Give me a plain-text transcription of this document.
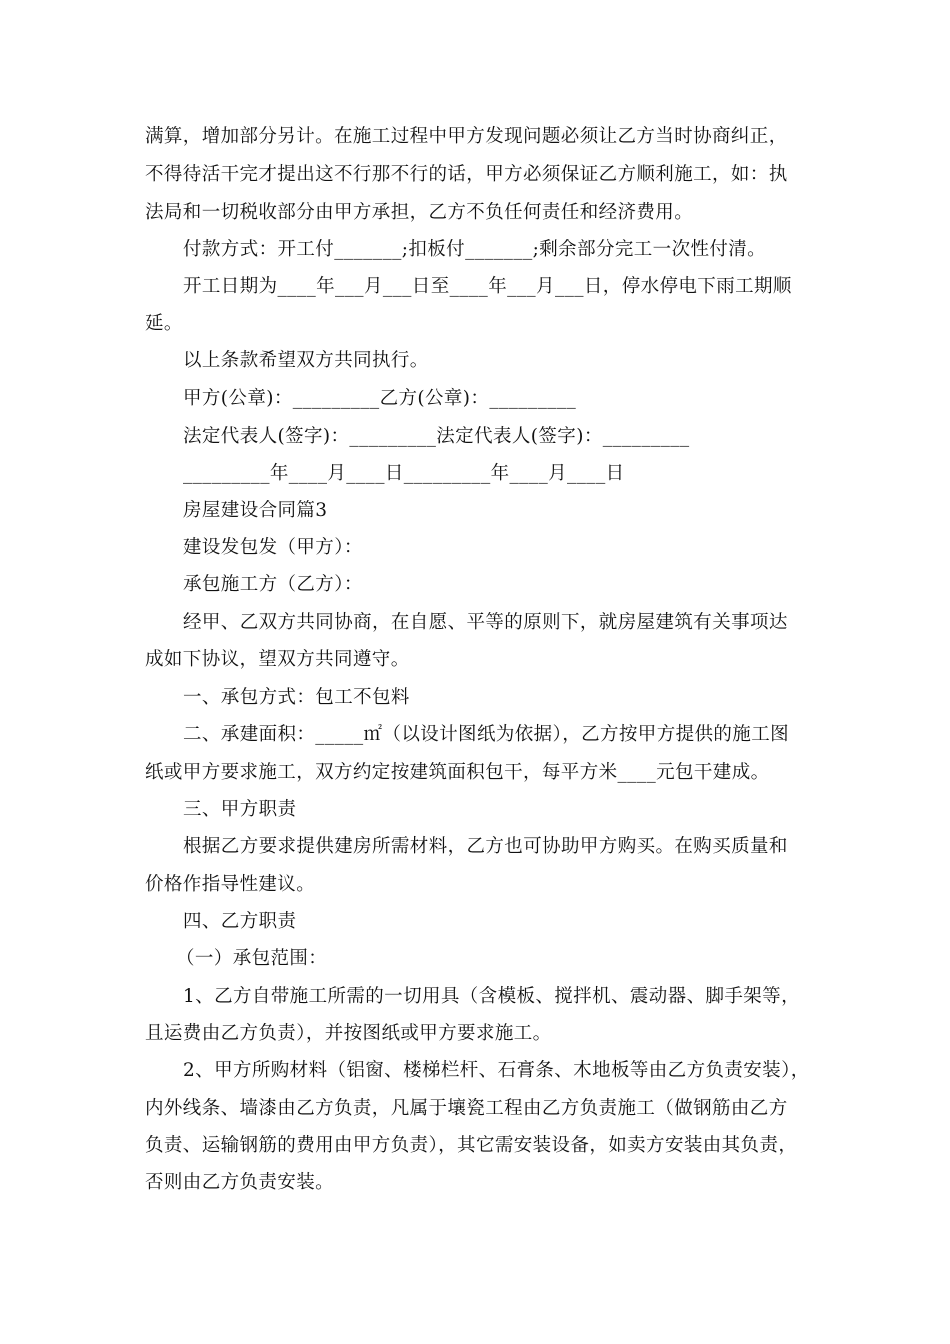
满算，增加部分另计。在施工过程中甲方发现问题必须让乙方当时协商纠正，
不得待活干完才提出这不行那不行的话，甲方必须保证乙方顺利施工，如：执
法局和一切税收部分由甲方承担，乙方不负任何责任和经济费用。
付款方式：开工付_______;扣板付_______;剩余部分完工一次性付清。
开工日期为____年___月___日至____年___月___日，停水停电下雨工期顺
延。
以上条款希望双方共同执行。
甲方(公章)：_________乙方(公章)：_________
法定代表人(签字)：_________法定代表人(签字)：_________
_________年____月____日_________年____月____日
房屋建设合同篇3
建设发包发（甲方）：
承包施工方（乙方）：
经甲、乙双方共同协商，在自愿、平等的原则下，就房屋建筑有关事项达
成如下协议，望双方共同遵守。
一、承包方式：包工不包料
二、承建面积：_____㎡（以设计图纸为依据），乙方按甲方提供的施工图
纸或甲方要求施工，双方约定按建筑面积包干，每平方米____元包干建成。
三、甲方职责
根据乙方要求提供建房所需材料，乙方也可协助甲方购买。在购买质量和
价格作指导性建议。
四、乙方职责
（一）承包范围：
1、乙方自带施工所需的一切用具（含模板、搅拌机、震动器、脚手架等，
且运费由乙方负责），并按图纸或甲方要求施工。
2、甲方所购材料（铝窗、楼梯栏杆、石膏条、木地板等由乙方负责安装），
内外线条、墙漆由乙方负责，凡属于壤瓷工程由乙方负责施工（做钢筋由乙方
负责、运输钢筋的费用由甲方负责），其它需安装设备，如卖方安装由其负责，
否则由乙方负责安装。
